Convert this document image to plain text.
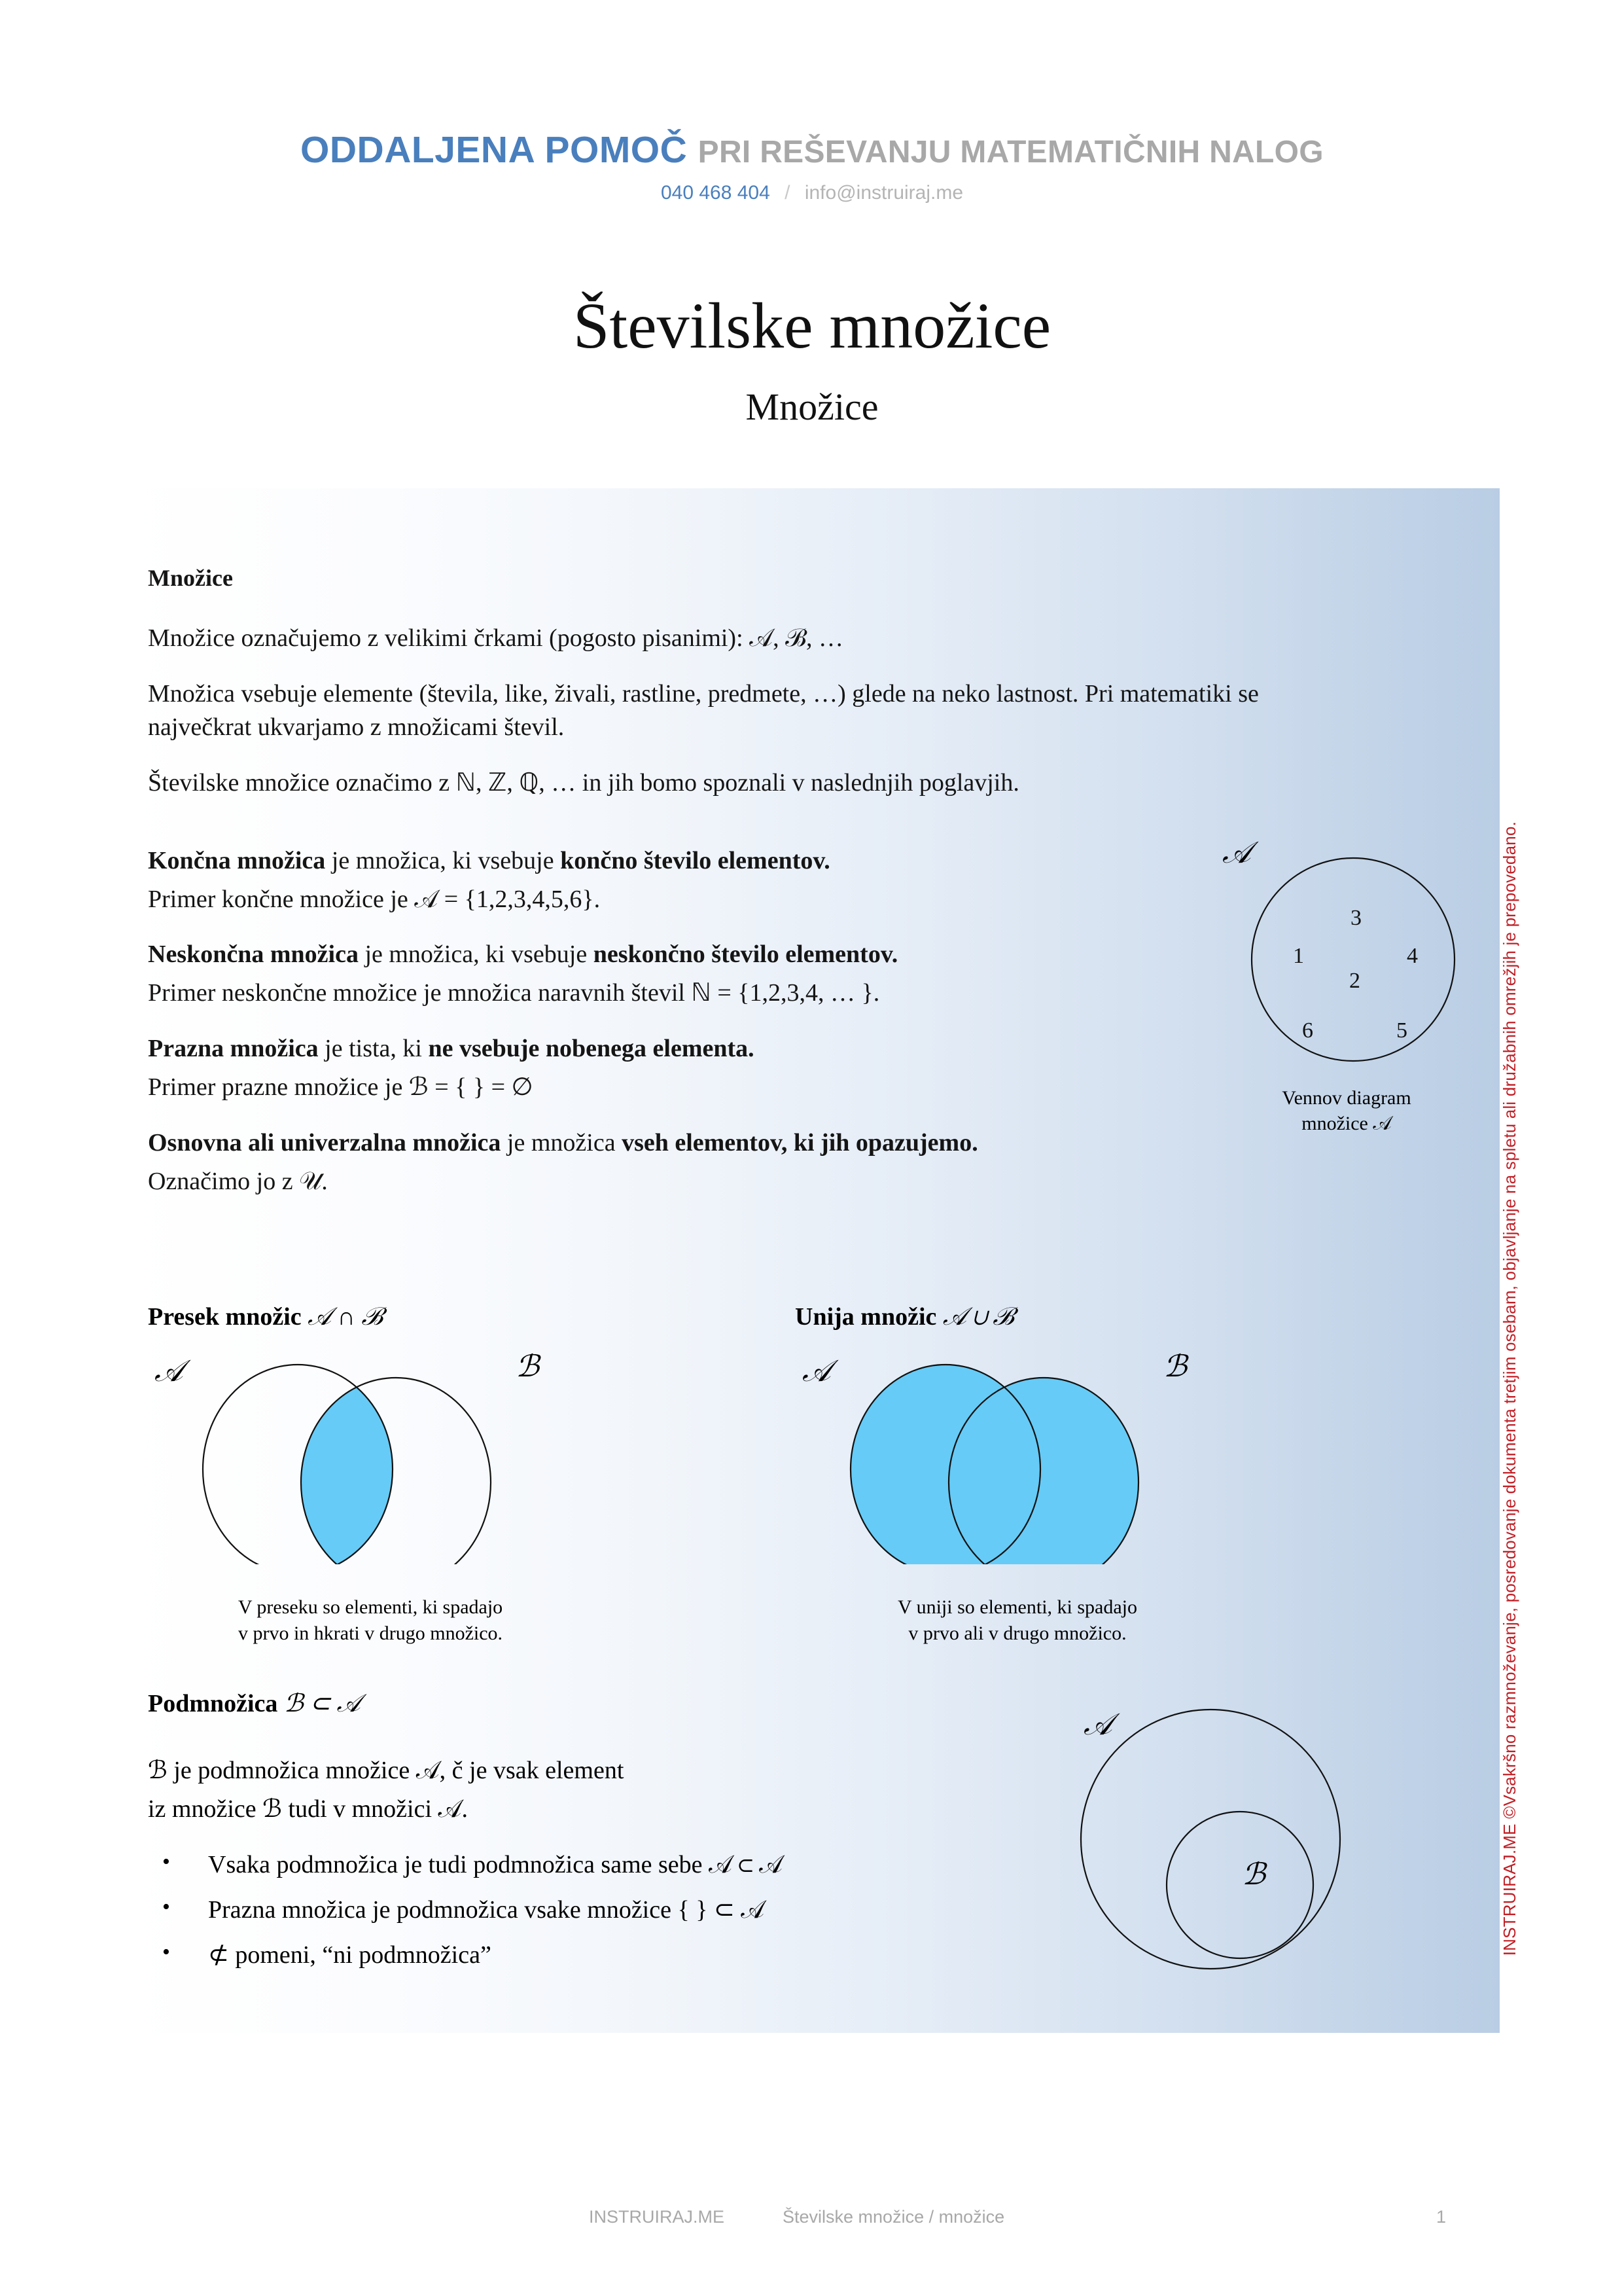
ODDALJENA POMOČ PRI REŠEVANJU MATEMATIČNIH NALOG
040 468 404 / info@instruiraj.me
Številske množice
Množice
Množice

Množice označujemo z velikimi črkami (pogosto pisanimi): 𝒜, ℬ, …

Množica vsebuje elemente (števila, like, živali, rastline, predmete, …) glede na neko lastnost. Pri matematiki se največkrat ukvarjamo z množicami števil.

Številske množice označimo z ℕ, ℤ, ℚ, … in jih bomo spoznali v naslednjih poglavjih.

Končna množica je množica, ki vsebuje končno število elementov.

Primer končne množice je 𝒜 = {1,2,3,4,5,6}.

Neskončna množica je množica, ki vsebuje neskončno število elementov.

Primer neskončne množice je množica naravnih števil ℕ = {1,2,3,4, … }.

Prazna množica je tista, ki ne vsebuje nobenega elementa.

Primer prazne množice je ℬ = { } = ∅

Osnovna ali univerzalna množica je množica vseh elementov, ki jih opazujemo.

Označimo jo z 𝒰.

𝒜
3
1	4
2
6	5
Vennov diagram
množice 𝒜
Presek množic 𝒜 ∩ ℬ
𝒜	ℬ
V preseku so elementi, ki spadajo
v prvo in hkrati v drugo množico.
Unija množic 𝒜 ∪ ℬ
𝒜	ℬ
V uniji so elementi, ki spadajo
v prvo ali v drugo množico.
Podmnožica ℬ ⊂ 𝒜

ℬ je podmnožica množice 𝒜, č je vsak element

iz množice ℬ tudi v množici 𝒜.

• Vsaka podmnožica je tudi podmnožica same sebe 𝒜 ⊂ 𝒜
• Prazna množica je podmnožica vsake množice { } ⊂ 𝒜
• ⊄ pomeni, “ni podmnožica”
𝒜
ℬ
INSTRUIRAJ.ME	Številske množice / množice	1
INSTRUIRAJ.ME ©Vsakršno razmnoževanje, posredovanje dokumenta tretjim osebam, objavljanje na spletu ali družabnih omrežjih je prepovedano.
